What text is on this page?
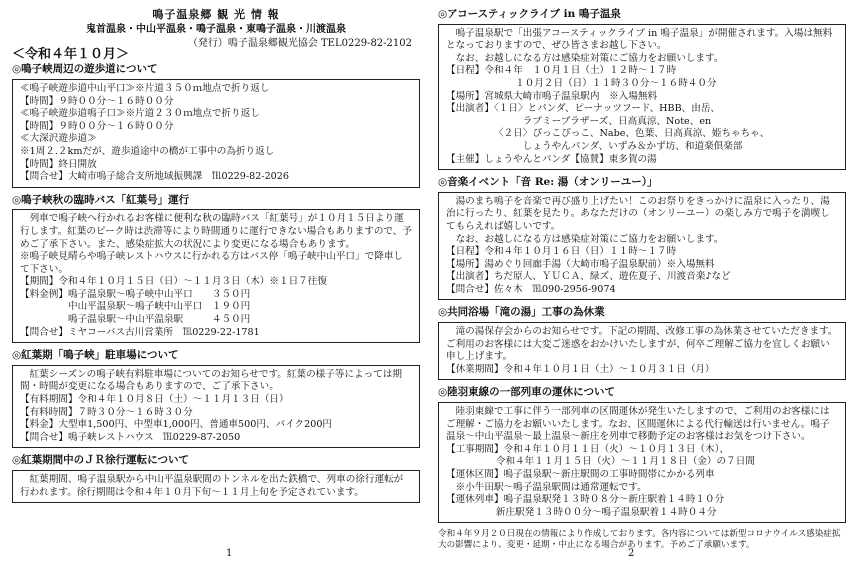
鳴子温泉郷 観 光 情 報
鬼首温泉・中山平温泉・鳴子温泉・東鳴子温泉・川渡温泉
（発行）鳴子温泉郷観光協会 TEL0229-82-2102
＜令和４年１０月＞
◎鳴子峡周辺の遊歩道について

≪鳴子峡遊歩道中山平口≫※片道３５０ｍ地点で折り返し

【時間】９時００分～１６時００分

≪鳴子峡遊歩道鳴子口≫※片道２３０ｍ地点で折り返し

【時間】９時００分～１６時００分

≪大深沢遊歩道≫

※1周２.２kmだが、遊歩道途中の橋が工事中の為折り返し

【時間】終日開放

【問合せ】大崎市鳴子総合支所地域振興課　℡0229-82-2026

◎鳴子峡秋の臨時バス「紅葉号」運行

列車で鳴子峡へ行かれるお客様に便利な秋の臨時バス「紅葉号」が１０月１５日より運行します。紅葉のピーク時は渋滞等により時間通りに運行できない場合もありますので、予めご了承下さい。また、感染症拡大の状況により変更になる場合もあります。

※鳴子峡見晴らや鳴子峡レストハウスに行かれる方はバス停「鳴子峡中山平口」で降車して下さい。

【期間】令和４年１０月１５日（日）～１１月３日（木）※１日７往復

【料金例】鳴子温泉駅～鳴子峡中山平口　　３５０円

中山平温泉駅～鳴子峡中山平口　１９０円

鳴子温泉駅～中山平温泉駅　　　４５０円

【問合せ】ミヤコーバス古川営業所　℡0229-22-1781

◎紅葉期「鳴子峡」駐車場について

紅葉シーズンの鳴子峡有料駐車場についてのお知らせです。紅葉の様子等によっては期間・時間が変更になる場合もありますので、ご了承下さい。

【有料期間】令和４年１０月８日（土）～１１月１３日（日）

【有料時間】７時３０分～１６時３０分

【料金】大型車1,500円、中型車1,000円、普通車500円、バイク200円

【問合せ】鳴子峡レストハウス　℡0229-87-2050

◎紅葉期間中のＪＲ徐行運転について

紅葉期間、鳴子温泉駅から中山平温泉駅間のトンネルを出た鉄橋で、列車の徐行運転が行われます。徐行期間は令和４年１０月下旬～１１月上旬を予定されています。

◎アコースティックライブ in 鳴子温泉

鳴子温泉駅で「出張アコースティックライブ in 鳴子温泉」が開催されます。入場は無料となっておりますので、ぜひ皆さまお越し下さい。

なお、お越しになる方は感染症対策にご協力をお願いします。

【日程】令和４年　１０月１日（土）１２時～１７時

１０月２日（日）１１時３０分～１６時４０分

【場所】宮城県大崎市鳴子温泉駅内　※入場無料

【出演者】〈１日〉とパンダ、ピーナッツフード、HBB、由岳、

ラブミーブラザーズ、日高真涼、Note、en

〈２日〉ぴっこぴっこ、Nabe、色葉、日高真涼、姫ちゃちゃ、

しょうやんパンダ、いずみ＆かず坊、和道楽俱楽部

【主催】しょうやんとパンダ【協賛】東多賀の湯

◎音楽イベント「音 Re: 湯（オンリーユー）」

湯のまち鳴子を音楽で再び盛り上げたい！このお祭りをきっかけに温泉に入ったり、湯治に行ったり、紅葉を見たり。あなただけの（オンリーユー）の楽しみ方で鳴子を満喫してもらえれば嬉しいです。

なお、お越しになる方は感染症対策にご協力をお願いします。

【日程】令和４年１０月１６日（日）１１時～１７時

【場所】湯めぐり回廊手湯（大崎市鳴子温泉駅前）※入場無料

【出演者】ちだ原人、ＹＵＣＡ、緑ズ、遊佐夏子、川渡音楽♪など

【問合せ】佐々木　℡090-2956-9074

◎共同浴場「滝の湯」工事の為休業

滝の湯保存会からのお知らせです。下記の期間、改修工事の為休業させていただきます。ご利用のお客様には大変ご迷惑をおかけいたしますが、何卒ご理解ご協力を宜しくお願い申し上げます。

【休業期間】令和４年１０月１日（土）～１０月３１日（月）

◎陸羽東線の一部列車の運休について

陸羽東線で工事に伴う一部列車の区間運休が発生いたしますので、ご利用のお客様にはご理解・ご協力をお願いいたします。なお、区間運休による代行輸送は行いません。鳴子温泉～中山平温泉～最上温泉～新庄を列車で移動予定のお客様はお気をつけ下さい。

【工事期間】令和４年１０月１１日（火）～１０月１３日（木）、

令和４年１１月１５日（火）～１１月１８日（金）の７日間

【運休区間】鳴子温泉駅～新庄駅間の工事時間帯にかかる列車

※小牛田駅～鳴子温泉駅間は通常運転です。

【運休列車】鳴子温泉駅発１３時０８分～新庄駅着１４時１０分

新庄駅発１３時００分～鳴子温泉駅着１４時０４分

令和４年９月２０日現在の情報により作成しております。各内容については新型コロナウイルス感染症拡大の影響により、変更・延期・中止になる場合があります。予めご了承願います。
1	2
